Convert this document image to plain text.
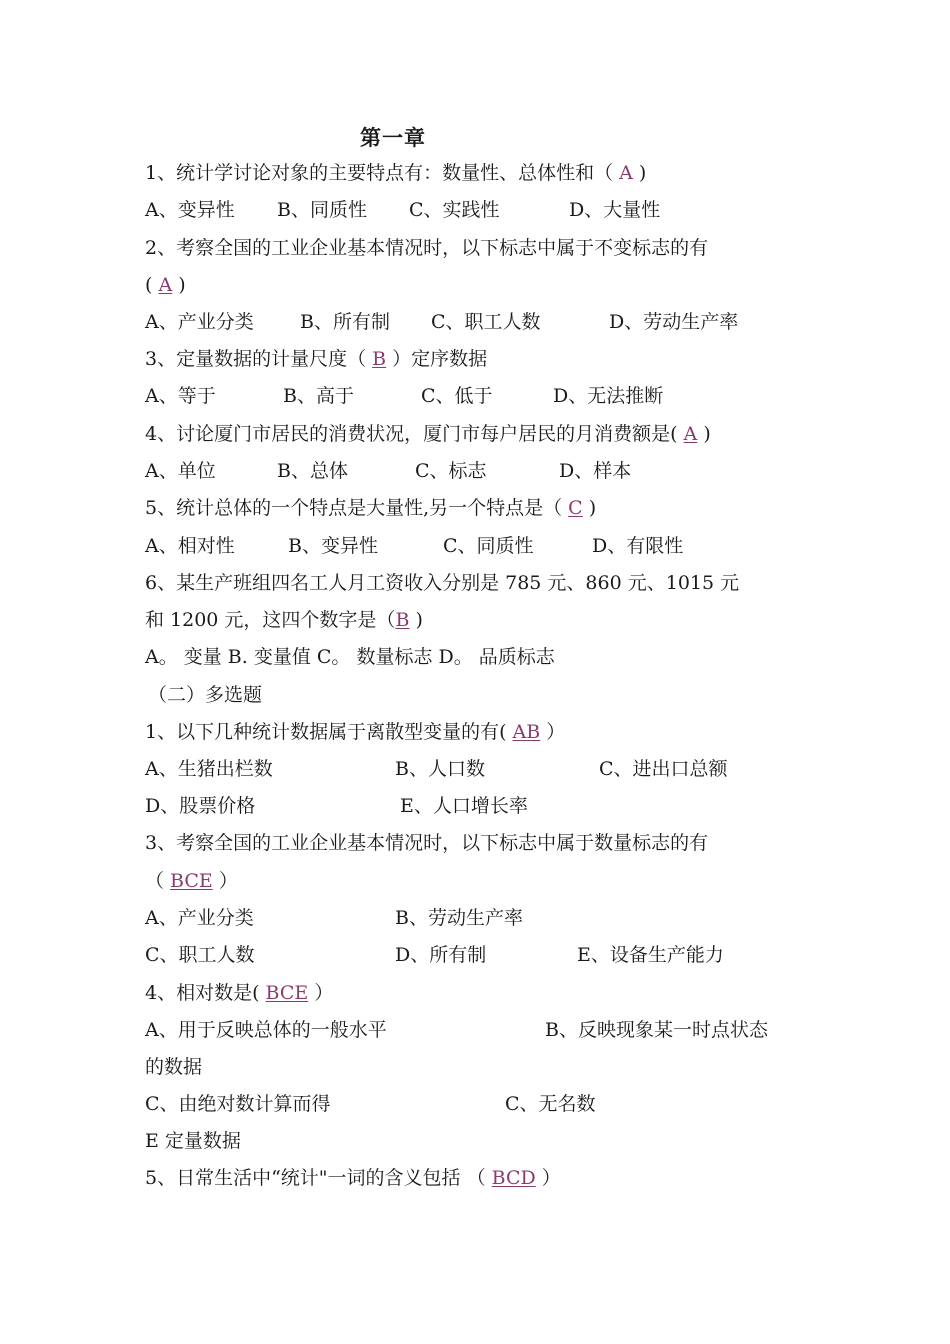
第一章
1、统计学讨论对象的主要特点有：数量性、总体性和（ A )
A、变异性 B、同质性 C、实践性	D、大量性
2、考察全国的工业企业基本情况时，以下标志中属于不变标志的有
( A )
A、产业分类 B、所有制 C、职工人数	D、劳动生产率
3、定量数据的计量尺度（ B ）定序数据
A、等于	B、高于	C、低于	D、无法推断
4、讨论厦门市居民的消费状况，厦门市每户居民的月消费额是( A )
A、单位	B、总体	C、标志	D、样本
5、统计总体的一个特点是大量性,另一个特点是（ C )
A、相对性	B、变异性	C、同质性	D、有限性
6、某生产班组四名工人月工资收入分别是 785 元、860 元、1015 元
和 1200 元，这四个数字是（B )
A。 变量 B. 变量值 C。 数量标志 D。 品质标志
（二）多选题
1、以下几种统计数据属于离散型变量的有( AB ）
A、生猪出栏数	B、人口数	C、进出口总额
D、股票价格	E、人口增长率
3、考察全国的工业企业基本情况时，以下标志中属于数量标志的有
（ BCE ）
A、产业分类	B、劳动生产率
C、职工人数	D、所有制	E、设备生产能力
4、相对数是( BCE ）
A、用于反映总体的一般水平	B、反映现象某一时点状态
的数据
C、由绝对数计算而得	C、无名数
E 定量数据
5、日常生活中“统计"一词的含义包括 （ BCD ）
